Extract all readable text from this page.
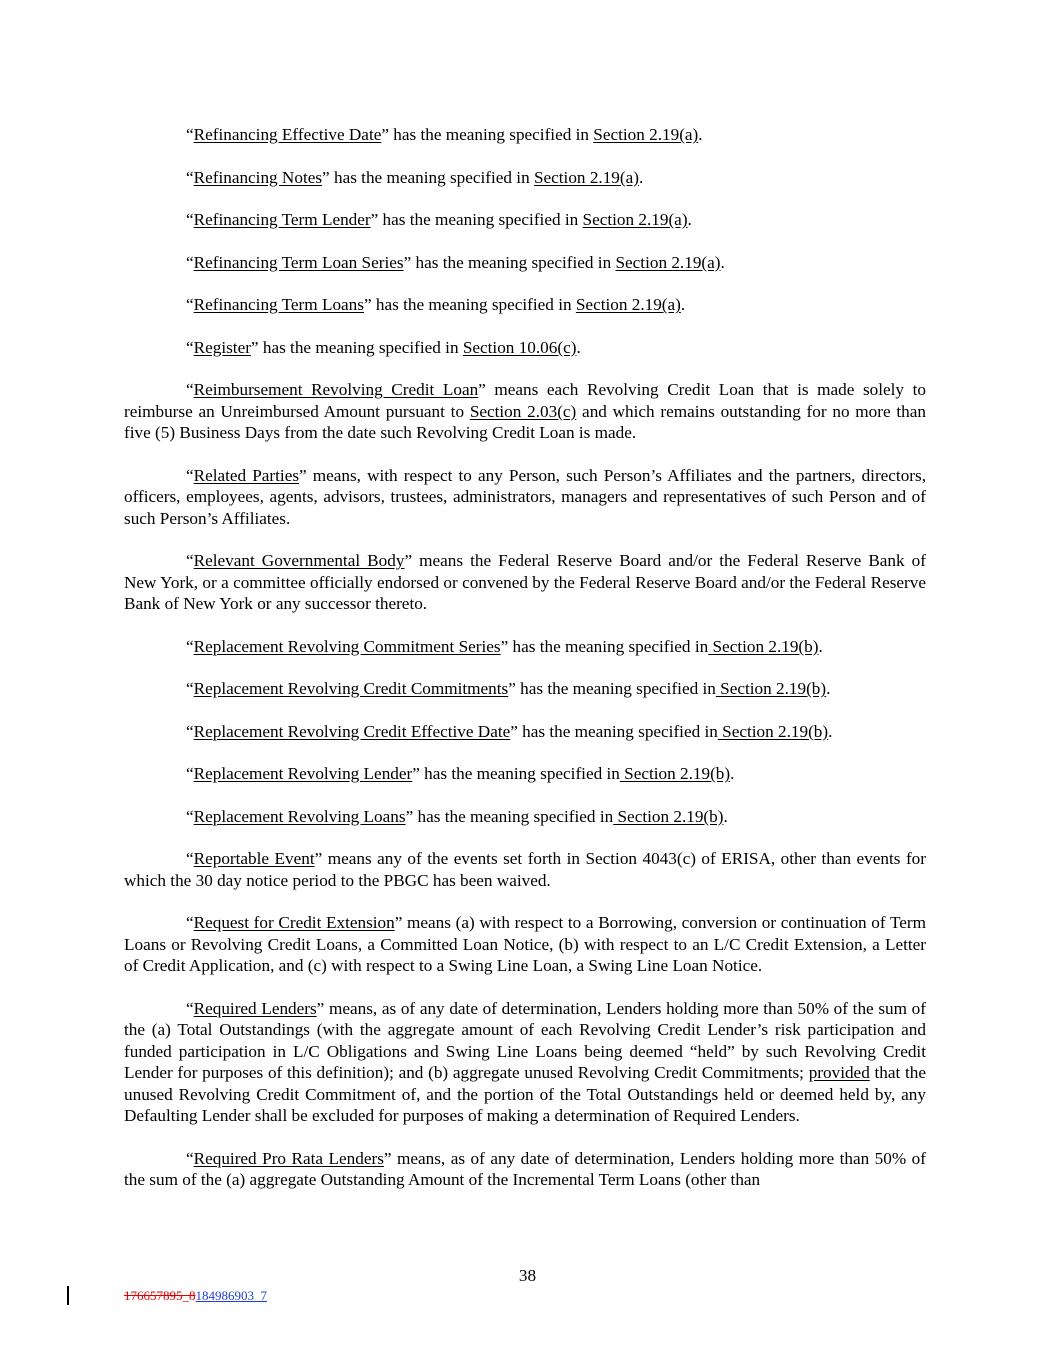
“Refinancing Effective Date” has the meaning specified in Section 2.19(a).

“Refinancing Notes” has the meaning specified in Section 2.19(a).

“Refinancing Term Lender” has the meaning specified in Section 2.19(a).

“Refinancing Term Loan Series” has the meaning specified in Section 2.19(a).

“Refinancing Term Loans” has the meaning specified in Section 2.19(a).

“Register” has the meaning specified in Section 10.06(c).

“Reimbursement Revolving Credit Loan” means each Revolving Credit Loan that is made solely to reimburse an Unreimbursed Amount pursuant to Section 2.03(c) and which remains outstanding for no more than five (5) Business Days from the date such Revolving Credit Loan is made.

“Related Parties” means, with respect to any Person, such Person’s Affiliates and the partners, directors, officers, employees, agents, advisors, trustees, administrators, managers and representatives of such Person and of such Person’s Affiliates.

“Relevant Governmental Body” means the Federal Reserve Board and/or the Federal Reserve Bank of New York, or a committee officially endorsed or convened by the Federal Reserve Board and/or the Federal Reserve Bank of New York or any successor thereto.

“Replacement Revolving Commitment Series” has the meaning specified in Section 2.19(b).

“Replacement Revolving Credit Commitments” has the meaning specified in Section 2.19(b).

“Replacement Revolving Credit Effective Date” has the meaning specified in Section 2.19(b).

“Replacement Revolving Lender” has the meaning specified in Section 2.19(b).

“Replacement Revolving Loans” has the meaning specified in Section 2.19(b).

“Reportable Event” means any of the events set forth in Section 4043(c) of ERISA, other than events for which the 30 day notice period to the PBGC has been waived.

“Request for Credit Extension” means (a) with respect to a Borrowing, conversion or continuation of Term Loans or Revolving Credit Loans, a Committed Loan Notice, (b) with respect to an L/C Credit Extension, a Letter of Credit Application, and (c) with respect to a Swing Line Loan, a Swing Line Loan Notice.

“Required Lenders” means, as of any date of determination, Lenders holding more than 50% of the sum of the (a) Total Outstandings (with the aggregate amount of each Revolving Credit Lender’s risk participation and funded participation in L/C Obligations and Swing Line Loans being deemed “held” by such Revolving Credit Lender for purposes of this definition); and (b) aggregate unused Revolving Credit Commitments; provided that the unused Revolving Credit Commitment of, and the portion of the Total Outstandings held or deemed held by, any Defaulting Lender shall be excluded for purposes of making a determination of Required Lenders.

“Required Pro Rata Lenders” means, as of any date of determination, Lenders holding more than 50% of the sum of the (a) aggregate Outstanding Amount of the Incremental Term Loans (other than

38
176657895_8184986903_7
